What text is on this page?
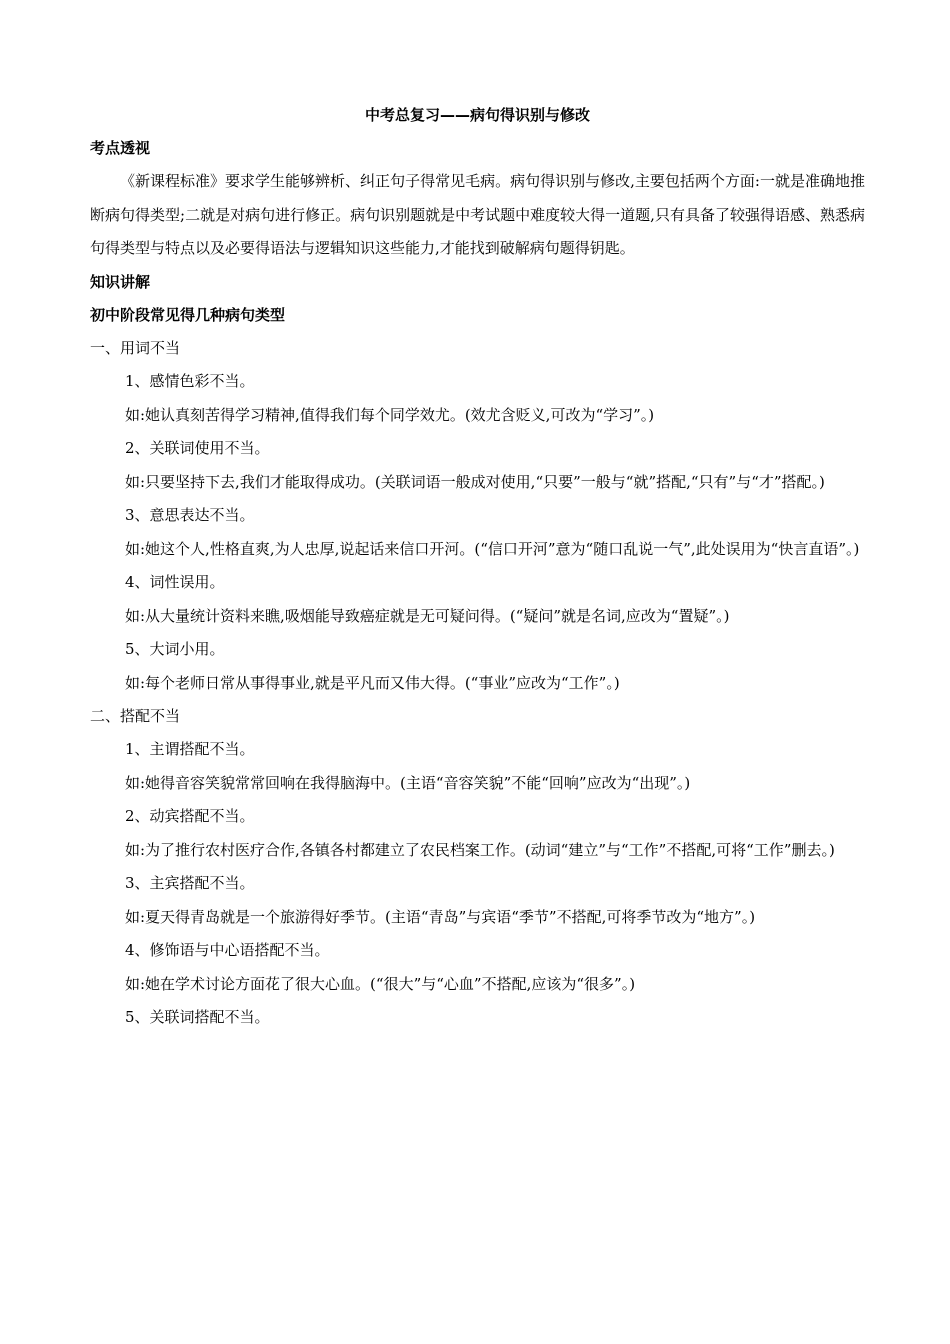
中考总复习——病句得识别与修改

考点透视

《新课程标准》要求学生能够辨析、纠正句子得常见毛病。病句得识别与修改,主要包括两个方面:一就是准确地推断病句得类型;二就是对病句进行修正。病句识别题就是中考试题中难度较大得一道题,只有具备了较强得语感、熟悉病句得类型与特点以及必要得语法与逻辑知识这些能力,才能找到破解病句题得钥匙。

知识讲解

初中阶段常见得几种病句类型

一、用词不当

1、感情色彩不当。

如:她认真刻苦得学习精神,值得我们每个同学效尤。(效尤含贬义,可改为“学习”。)

2、关联词使用不当。

如:只要坚持下去,我们才能取得成功。(关联词语一般成对使用,“只要”一般与“就”搭配,“只有”与“才”搭配。)

3、意思表达不当。

如:她这个人,性格直爽,为人忠厚,说起话来信口开河。(“信口开河”意为“随口乱说一气”,此处误用为“快言直语”。)

4、词性误用。

如:从大量统计资料来瞧,吸烟能导致癌症就是无可疑问得。(“疑问”就是名词,应改为“置疑”。)

5、大词小用。

如:每个老师日常从事得事业,就是平凡而又伟大得。(“事业”应改为“工作”。)

二、搭配不当

1、主谓搭配不当。

如:她得音容笑貌常常回响在我得脑海中。(主语“音容笑貌”不能“回响”应改为“出现”。)

2、动宾搭配不当。

如:为了推行农村医疗合作,各镇各村都建立了农民档案工作。(动词“建立”与“工作”不搭配,可将“工作”删去。)

3、主宾搭配不当。

如:夏天得青岛就是一个旅游得好季节。(主语“青岛”与宾语“季节”不搭配,可将季节改为“地方”。)

4、修饰语与中心语搭配不当。

如:她在学术讨论方面花了很大心血。(“很大”与“心血”不搭配,应该为“很多”。)

5、关联词搭配不当。
